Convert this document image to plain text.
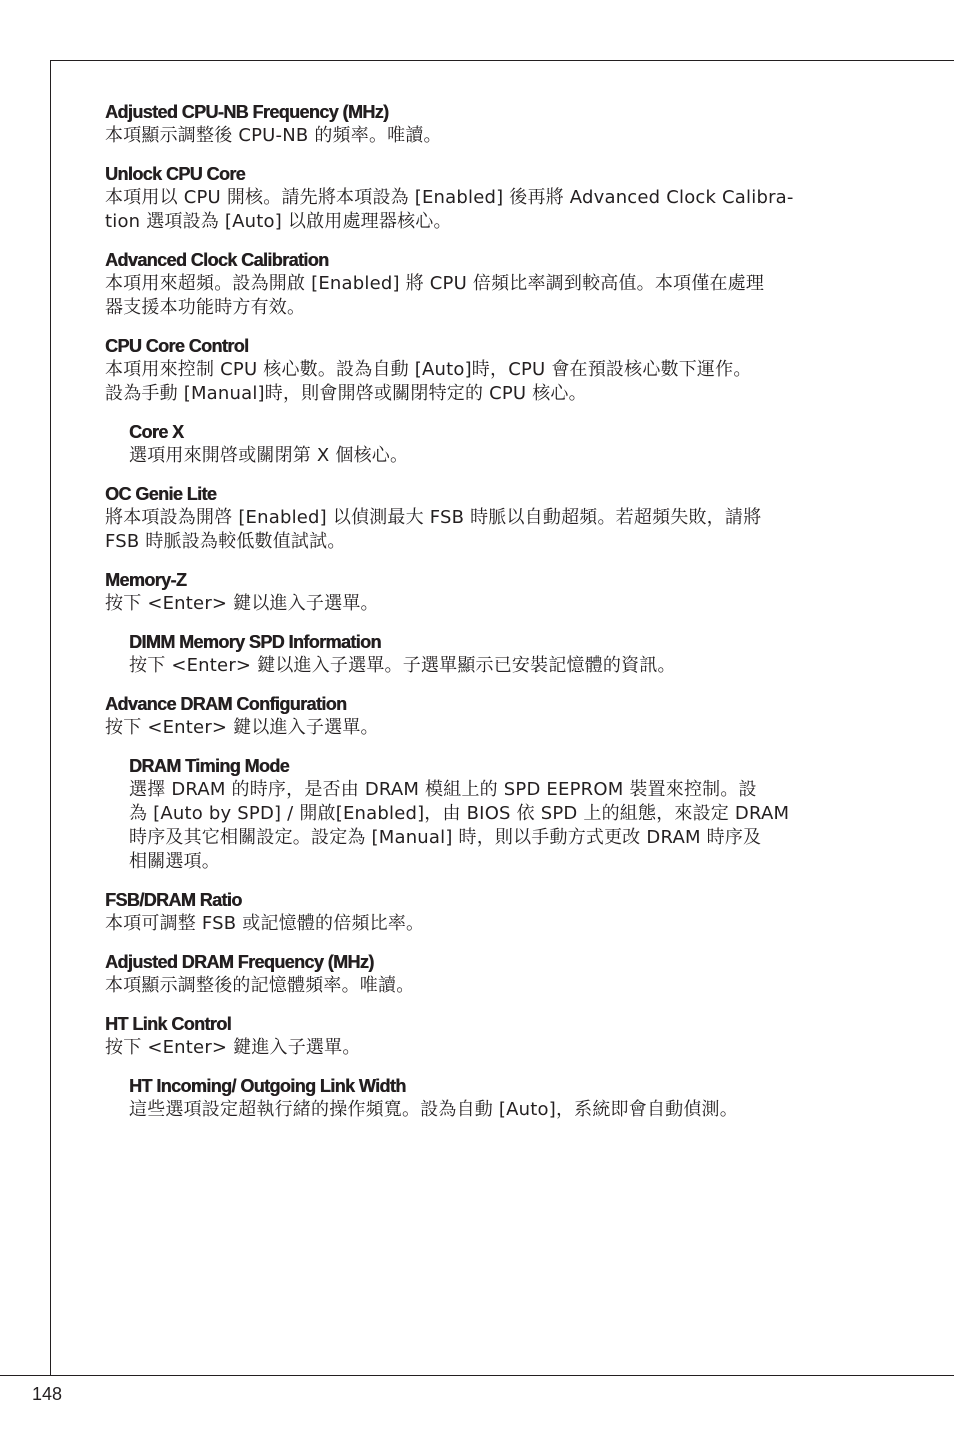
Adjusted CPU-NB Frequency (MHz)
本項顯示調整後 CPU-NB 的頻率。唯讀。
Unlock CPU Core
本項用以 CPU 開核。請先將本項設為 [Enabled] 後再將 Advanced Clock Calibra-
tion 選項設為 [Auto] 以啟用處理器核心。
Advanced Clock Calibration
本項用來超頻。設為開啟 [Enabled] 將 CPU 倍頻比率調到較高值。本項僅在處理
器支援本功能時方有效。
CPU Core Control
本項用來控制 CPU 核心數。設為自動 [Auto]時，CPU 會在預設核心數下運作。
設為手動 [Manual]時，則會開啓或關閉特定的 CPU 核心。
Core X
選項用來開啓或關閉第 X 個核心。
OC Genie Lite
將本項設為開啓 [Enabled] 以偵測最大 FSB 時脈以自動超頻。若超頻失敗，請將
FSB 時脈設為較低數值試試。
Memory-Z
按下 <Enter> 鍵以進入子選單。
DIMM Memory SPD Information
按下 <Enter> 鍵以進入子選單。子選單顯示已安裝記憶體的資訊。
Advance DRAM Configuration
按下 <Enter> 鍵以進入子選單。
DRAM Timing Mode
選擇 DRAM 的時序，是否由 DRAM 模組上的 SPD EEPROM 裝置來控制。設
為 [Auto by SPD] / 開啟[Enabled]，由 BIOS 依 SPD 上的組態，來設定 DRAM
時序及其它相關設定。設定為 [Manual] 時，則以手動方式更改 DRAM 時序及
相關選項。
FSB/DRAM Ratio
本項可調整 FSB 或記憶體的倍頻比率。
Adjusted DRAM Frequency (MHz)
本項顯示調整後的記憶體頻率。唯讀。
HT Link Control
按下 <Enter> 鍵進入子選單。
HT Incoming/ Outgoing Link Width
這些選項設定超執行緒的操作頻寬。設為自動 [Auto]，系統即會自動偵測。
148
